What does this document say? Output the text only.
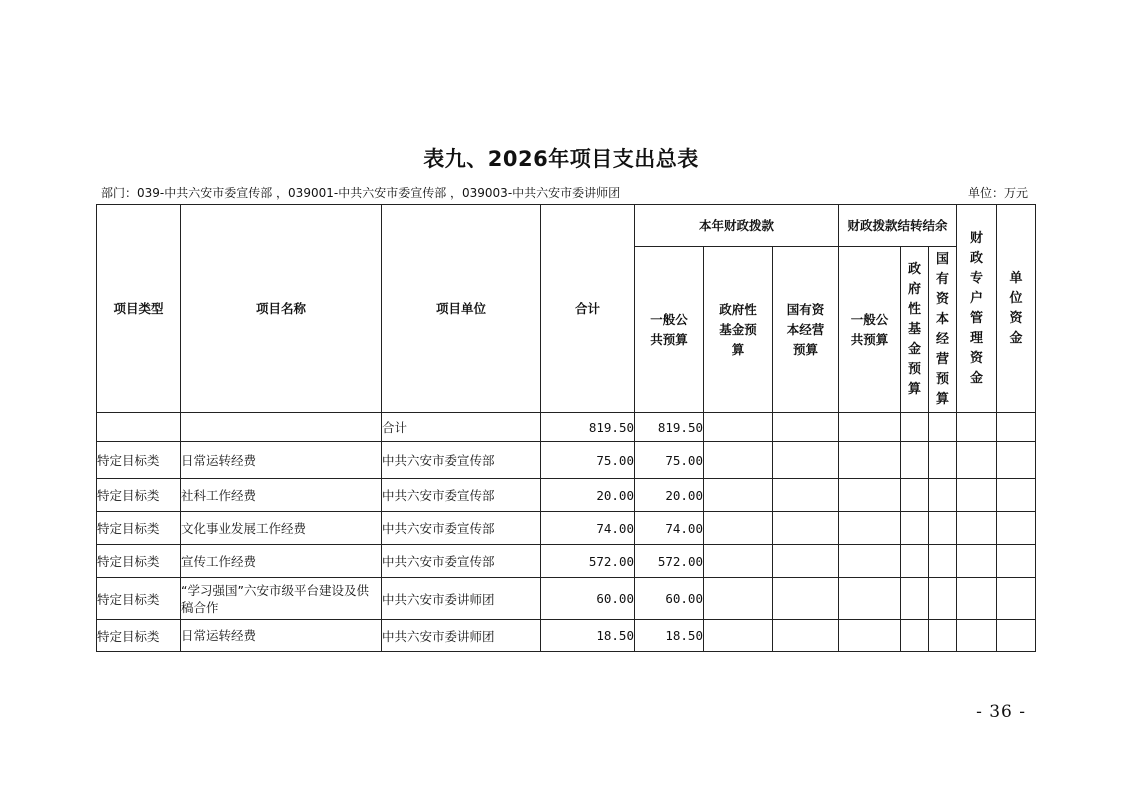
表九、2026年项目支出总表
部门：039-中共六安市委宣传部 ，039001-中共六安市委宣传部 ，039003-中共六安市委讲师团	单位：万元
项目类型	项目名称	项目单位	合计	本年财政拨款			财政拨款结转结余			财政专户管理资金	单位资金

				一般公共预算	政府性基金预算	国有资本经营预算	一般公共预算	政府性基金预算	国有资本经营预算		

		合计	819.50	819.50							
特定目标类	日常运转经费	中共六安市委宣传部	75.00	75.00							
特定目标类	社科工作经费	中共六安市委宣传部	20.00	20.00							
特定目标类	文化事业发展工作经费	中共六安市委宣传部	74.00	74.00							
特定目标类	宣传工作经费	中共六安市委宣传部	572.00	572.00							
特定目标类	“学习强国”六安市级平台建设及供稿合作	中共六安市委讲师团	60.00	60.00							
特定目标类	日常运转经费	中共六安市委讲师团	18.50	18.50							
- 36 -
